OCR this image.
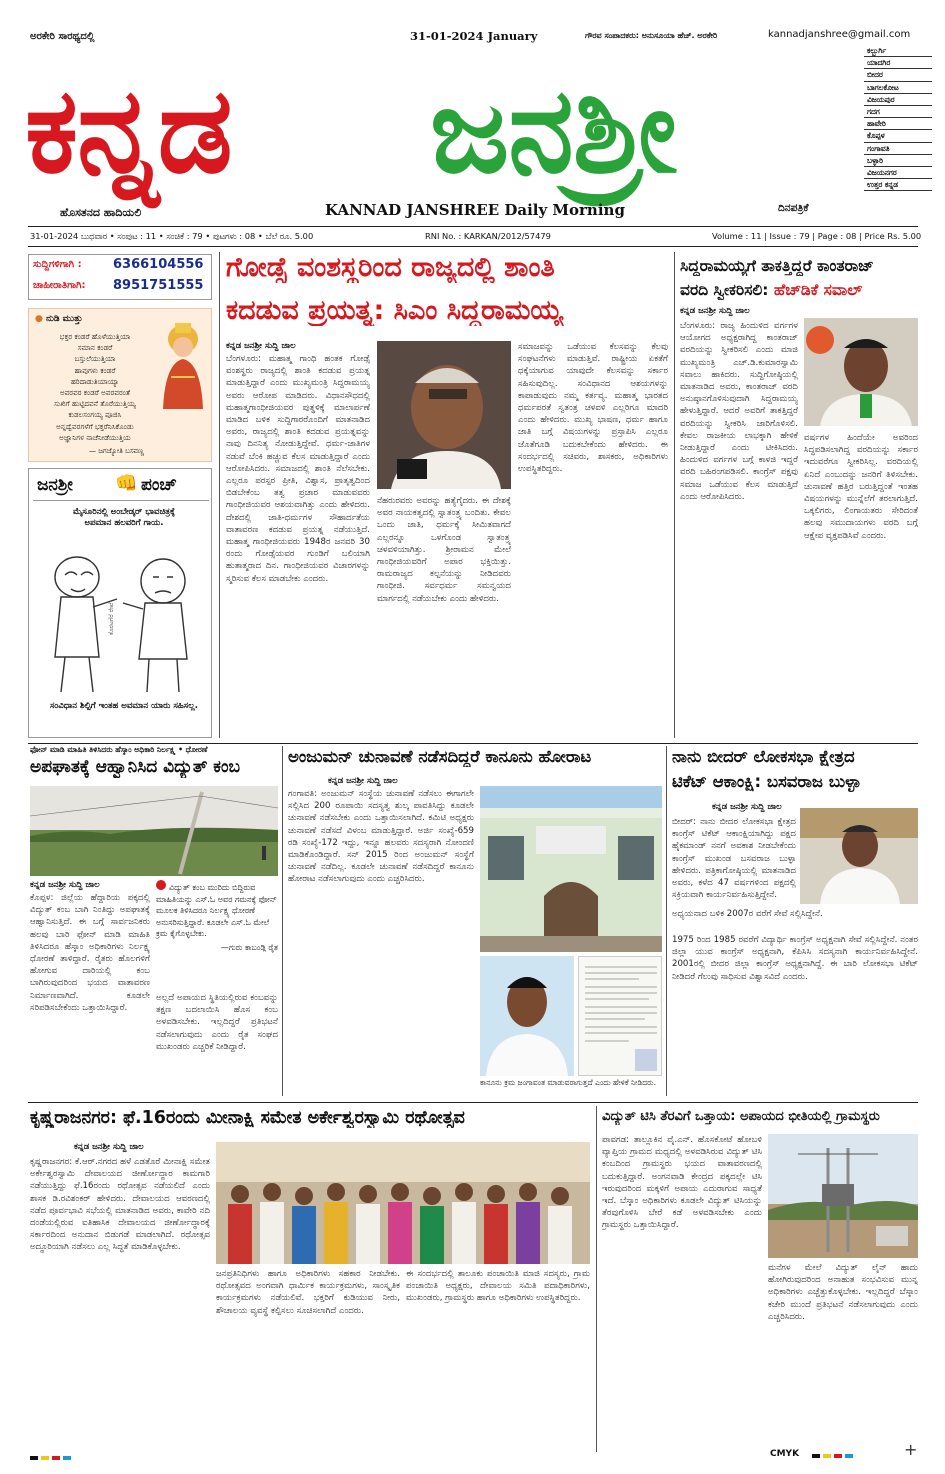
ಅರಕೇರಿ ಸಾರಥ್ಯದಲ್ಲಿ	31-01-2024 January	ಗೌರವ ಸಂಪಾದಕರು: ಅನುಸೂಯಾ ಹೆಚ್. ಅರಕೇರಿ	kannadjanshree@gmail.com
ಕನ್ನಡ ಜನಶ್ರೀ
ಹೊಸತನದ ಹಾದಿಯಲಿ	KANNAD JANSHREE Daily Morning	ದಿನಪತ್ರಿಕೆ
ಕಲ್ಬುರ್ಗಿ
ಯಾದಗಿರ
ಬೀದರ
ಬಾಗಲಕೋಟ
ವಿಜಯಪುರ
ಗದಗ
ಹಾವೇರಿ
ಕೊಪ್ಪಳ
ಗಂಗಾವತಿ
ಬಳ್ಳಾರಿ
ವಿಜಯನಗರ
ಉತ್ತರ ಕನ್ನಡ
31-01-2024 ಬುಧವಾರ • ಸಂಪುಟ : 11 • ಸಂಚಿಕೆ : 79 • ಪುಟಗಳು : 08 • ಬೆಲೆ ರೂ. 5.00	RNI No. : KARKAN/2012/57479	Volume : 11 | Issue : 79 | Page : 08 | Price Rs. 5.00
ಸುದ್ದಿಗಳಿಗಾಗಿ : 6366104556
ಜಾಹೀರಾತಿಗಾಗಿ: 8951751555
● ನುಡಿ ಮುತ್ತು
ಭಕ್ತರ ಕಂಡರೆ ಹೊಳೆಯುತ್ತಿಯಾ
ಸಮಾನ ಕಂಡರೆ
ಬಸ್ತುಲೆಯುತ್ತಿಯಾ
ಹಾವುಗಳು ಕಂಡರೆ
ಹರಿದಾಡುತಿಯಾಯ್ಯಾ
ಅವರವರ ಕಂಡರೆ ಅವರವರಂತೆ
ಸುಖಿಗೆ ಹುಟ್ಟಿದವನೆ ತೊರೆಯುತ್ತಿಯ್ಯ
ಕುಡಲಸಂಗಯ್ಯ ಪೂಜಿಸಿ
ಅನ್ನದ್ವೆವರಗಳೆಗೆ ಭಕ್ತರೆನಿಸಿಕೊಂಡು
ಅಜ್ಞಾನಿಗಳ ನಾಚೆನೀಡೆಯುತ್ತಿಯ
— ಜಗಜ್ಯೋತಿ ಬಸವಣ್ಣ
ಜನಶ್ರೀ 👊 ಪಂಚ್
ಮೈಸೂರಿನಲ್ಲಿ ಅಂಬೇಡ್ಕರ್ ಭಾವಚಿತ್ರಕ್ಕೆ ಅಪಮಾನ ಹಲವರಿಗೆ ಗಾಯ.
ಕೊರಟಗೆರೆ ರೇಖೆ
ಸಂವಿಧಾನ ಶಿಲ್ಪಿಗೆ ಇಂತಹ ಅವಮಾನ ಯಾರು ಸಹಿಸಲ್ಲ.
ಗೋಡ್ಸೆ ವಂಶಸ್ಥರಿಂದ ರಾಜ್ಯದಲ್ಲಿ ಶಾಂತಿ
ಕದಡುವ ಪ್ರಯತ್ನ: ಸಿಎಂ ಸಿದ್ದರಾಮಯ್ಯ
ಕನ್ನಡ ಜನಶ್ರೀ ಸುದ್ದಿ ಜಾಲ
ಬೆಂಗಳೂರು: ಮಹಾತ್ಮ ಗಾಂಧಿ ಹಂತಕ ಗೋಡ್ಸೆ ವಂಶಸ್ಥರು ರಾಜ್ಯದಲ್ಲಿ ಶಾಂತಿ ಕದಡುವ ಪ್ರಯತ್ನ ಮಾಡುತ್ತಿದ್ದಾರೆ ಎಂದು ಮುಖ್ಯಮಂತ್ರಿ ಸಿದ್ದರಾಮಯ್ಯ ಅವರು ಆರೋಪ ಮಾಡಿದರು. ವಿಧಾನಸೌಧದಲ್ಲಿ ಮಹಾತ್ಮಗಾಂಧೀಜಿಯವರ ಪುತ್ಥಳಿಕ್ಕೆ ಮಾಲಾರ್ಪಣೆ ಮಾಡಿದ ಬಳಿಕ ಸುದ್ದಿಗಾರರೊಂದಿಗೆ ಮಾತನಾಡಿದ ಅವರು, ರಾಜ್ಯದಲ್ಲಿ ಶಾಂತಿ ಕದಡುವ ಪ್ರಯತ್ನವನ್ನು ನಾವು ದಿನನಿತ್ಯ ನೋಡುತ್ತಿದ್ದೇವೆ. ಧರ್ಮ-ಜಾತಿಗಳ ನಡುವೆ ಬೆಂಕಿ ಹಚ್ಚುವ ಕೆಲಸ ಮಾಡುತ್ತಿದ್ದಾರೆ ಎಂದು ಆರೋಪಿಸಿದರು. ಸಮಾಜದಲ್ಲಿ ಶಾಂತಿ ನೆಲೆಸಬೇಕು. ಎಲ್ಲರೂ ಪರಸ್ಪರ ಪ್ರೀತಿ, ವಿಶ್ವಾಸ, ಪ್ರಾತೃತ್ವದಿಂದ ಬಿಡಬೇಕೆಂಬ ತತ್ವ ಪ್ರಚಾರ ಮಾಡುವವರು ಗಾಂಧೀಜಿಯವರ ಆಶಯವಾಗಿತ್ತು ಎಂದು ಹೇಳಿದರು. ದೇಶದಲ್ಲಿ ಜಾತಿ-ಧರ್ಮಗಳ ಸೌಹಾರ್ದತೆಯ ವಾತಾವರಣ ಕದಡುವ ಪ್ರಯತ್ನ ನಡೆಯುತ್ತಿದೆ. ಮಹಾತ್ಮ ಗಾಂಧೀಜಿಯವರು 1948ರ ಜನವರಿ 30 ರಂದು ಗೋಡ್ಸೆಯವರ ಗುಂಡಿಗೆ ಬಲಿಯಾಗಿ ಹುತಾತ್ಮರಾದ ದಿನ. ಗಾಂಧೀಜಿಯವರ ವಿಚಾರಗಳನ್ನು ಸ್ಮರಿಸುವ ಕೆಲಸ ಮಾಡಬೇಕು ಎಂದರು.
ನೆಹರುರವರು ಅವರನ್ನು ಹತ್ಯೆಗೈದರು. ಈ ದೇಶಕ್ಕೆ ಅವರ ನಾಯಕತ್ವದಲ್ಲಿ ಸ್ವಾತಂತ್ರ್ಯ ಬಂದಿತು. ಕೇವಲ ಒಂದು ಜಾತಿ, ಧರ್ಮಕ್ಕೆ ಸೀಮಿತವಾಗದೆ ಎಲ್ಲರನ್ನೂ ಒಳಗೊಂಡ ಸ್ವಾತಂತ್ರ್ಯ ಚಳವಳಿಯಾಗಿತ್ತು. ಶ್ರೀರಾಮನ ಮೇಲೆ ಗಾಂಧೀಜಿಯವರಿಗೆ ಅಪಾರ ಭಕ್ತಿಯಿತ್ತು. ರಾಮರಾಜ್ಯದ ಕಲ್ಪನೆಯನ್ನು ನೀಡಿದವರು ಗಾಂಧೀಜಿ. ಸರ್ವಧರ್ಮ ಸಮನ್ವಯದ ಮಾರ್ಗದಲ್ಲಿ ನಡೆಯಬೇಕು ಎಂದು ಹೇಳಿದರು.
ಸಮಾಜವನ್ನು ಒಡೆಯುವ ಕೆಲಸವನ್ನು ಕೆಲವು ಸಂಘಟನೆಗಳು ಮಾಡುತ್ತಿವೆ. ರಾಷ್ಟ್ರೀಯ ಏಕತೆಗೆ ಧಕ್ಕೆಯಾಗುವ ಯಾವುದೇ ಕೆಲಸವನ್ನು ಸರ್ಕಾರ ಸಹಿಸುವುದಿಲ್ಲ. ಸಂವಿಧಾನದ ಆಶಯಗಳನ್ನು ಕಾಪಾಡುವುದು ನಮ್ಮ ಕರ್ತವ್ಯ. ಮಹಾತ್ಮ ಭಾರತದ ಧರ್ಮಪರತೆ ಸ್ವತಂತ್ರ ಚಳವಳಿ ಎಲ್ಲರಿಗೂ ಮಾದರಿ ಎಂದು ಹೇಳಿದರು. ಮುಖ್ಯ ಭಾಷಣ, ಧರ್ಮ ಹಾಗೂ ಜಾತಿ ಬಗ್ಗೆ ವಿಷಯಗಳನ್ನು ಪ್ರಸ್ತಾಪಿಸಿ ಎಲ್ಲರೂ ಜೊತೆಗೂಡಿ ಬದುಕಬೇಕೆಂದು ಹೇಳಿದರು. ಈ ಸಂದರ್ಭದಲ್ಲಿ ಸಚಿವರು, ಶಾಸಕರು, ಅಧಿಕಾರಿಗಳು ಉಪಸ್ಥಿತರಿದ್ದರು.
ಸಿದ್ದರಾಮಯ್ಯಗೆ ತಾಕತ್ತಿದ್ದರೆ ಕಾಂತರಾಜ್
ವರದಿ ಸ್ವೀಕರಿಸಲಿ: ಹೆಚ್‌ಡಿಕೆ ಸವಾಲ್
ಕನ್ನಡ ಜನಶ್ರೀ ಸುದ್ದಿ ಜಾಲ
ಬೆಂಗಳೂರು: ರಾಜ್ಯ ಹಿಂದುಳಿದ ವರ್ಗಗಳ ಆಯೋಗದ ಅಧ್ಯಕ್ಷರಾಗಿದ್ದ ಕಾಂತರಾಜ್ ವರದಿಯನ್ನು ಸ್ವೀಕರಿಸಲಿ ಎಂದು ಮಾಜಿ ಮುಖ್ಯಮಂತ್ರಿ ಎಚ್.ಡಿ.ಕುಮಾರಸ್ವಾಮಿ ಸವಾಲು ಹಾಕಿದರು. ಸುದ್ದಿಗೋಷ್ಠಿಯಲ್ಲಿ ಮಾತನಾಡಿದ ಅವರು, ಕಾಂತರಾಜ್ ವರದಿ ಅನುಷ್ಠಾನಗೊಳಿಸುವುದಾಗಿ ಸಿದ್ದರಾಮಯ್ಯ ಹೇಳುತ್ತಿದ್ದಾರೆ. ಆದರೆ ಅವರಿಗೆ ತಾಕತ್ತಿದ್ದರೆ ವರದಿಯನ್ನು ಸ್ವೀಕರಿಸಿ ಜಾರಿಗೊಳಿಸಲಿ. ಕೇವಲ ರಾಜಕೀಯ ಲಾಭಕ್ಕಾಗಿ ಹೇಳಿಕೆ ನೀಡುತ್ತಿದ್ದಾರೆ ಎಂದು ಟೀಕಿಸಿದರು. ಹಿಂದುಳಿದ ವರ್ಗಗಳ ಬಗ್ಗೆ ಕಾಳಜಿ ಇದ್ದರೆ ವರದಿ ಬಹಿರಂಗಪಡಿಸಲಿ. ಕಾಂಗ್ರೆಸ್ ಪಕ್ಷವು ಸಮಾಜ ಒಡೆಯುವ ಕೆಲಸ ಮಾಡುತ್ತಿದೆ ಎಂದು ಆರೋಪಿಸಿದರು.
ವರ್ಷಗಳ ಹಿಂದೆಯೇ ಅವರಿಂದ ಸಿದ್ಧಪಡಿಸಲಾಗಿದ್ದ ವರದಿಯನ್ನು ಸರ್ಕಾರ ಇದುವರೆಗೂ ಸ್ವೀಕರಿಸಿಲ್ಲ. ವರದಿಯಲ್ಲಿ ಏನಿದೆ ಎಂಬುದನ್ನು ಜನರಿಗೆ ತಿಳಿಸಬೇಕು. ಚುನಾವಣೆ ಹತ್ತಿರ ಬರುತ್ತಿದ್ದಂತೆ ಇಂತಹ ವಿಷಯಗಳನ್ನು ಮುನ್ನೆಲೆಗೆ ತರಲಾಗುತ್ತಿದೆ. ಒಕ್ಕಲಿಗರು, ಲಿಂಗಾಯತರು ಸೇರಿದಂತೆ ಹಲವು ಸಮುದಾಯಗಳು ವರದಿ ಬಗ್ಗೆ ಆಕ್ಷೇಪ ವ್ಯಕ್ತಪಡಿಸಿವೆ ಎಂದರು.
ಫೋನ್ ಮಾಡಿ ಮಾಹಿತಿ ತಿಳಿಸಿದರು ಹೆಸ್ಕಾಂ ಅಧಿಕಾರಿ ನಿರ್ಲಕ್ಷ್ಯ • ಧೋರಣೆ
ಅಪಘಾತಕ್ಕೆ ಆಹ್ವಾನಿಸಿದ ವಿದ್ಯುತ್ ಕಂಬ
ಕನ್ನಡ ಜನಶ್ರೀ ಸುದ್ದಿ ಜಾಲ
ಕೊಪ್ಪಳ: ಜಿಲ್ಲೆಯ ಹೆದ್ದಾರಿಯ ಪಕ್ಕದಲ್ಲಿ ವಿದ್ಯುತ್ ಕಂಬ ಬಾಗಿ ನಿಂತಿದ್ದು ಅಪಘಾತಕ್ಕೆ ಆಹ್ವಾನಿಸುತ್ತಿದೆ. ಈ ಬಗ್ಗೆ ಸಾರ್ವಜನಿಕರು ಹಲವು ಬಾರಿ ಫೋನ್ ಮಾಡಿ ಮಾಹಿತಿ ತಿಳಿಸಿದರೂ ಹೆಸ್ಕಾಂ ಅಧಿಕಾರಿಗಳು ನಿರ್ಲಕ್ಷ್ಯ ಧೋರಣೆ ತಾಳಿದ್ದಾರೆ. ರೈತರು ಹೊಲಗಳಿಗೆ ಹೋಗುವ ದಾರಿಯಲ್ಲಿ ಕಂಬ ಬಾಗಿರುವುದರಿಂದ ಭಯದ ವಾತಾವರಣ ನಿರ್ಮಾಣವಾಗಿದೆ. ಕೂಡಲೇ ಸರಿಪಡಿಸಬೇಕೆಂದು ಒತ್ತಾಯಿಸಿದ್ದಾರೆ.
ವಿದ್ಯುತ್ ಕಂಬ ಮುರಿದು ಬಿದ್ದಿರುವ ಮಾಹಿತಿಯನ್ನು ಎಸ್.ಓ ಅವರ ಗಮನಕ್ಕೆ ಫೋನ್ ಮೂಲಕ ತಿಳಿಸಿದರೂ ನಿರ್ಲಕ್ಷ್ಯ ಧೋರಣೆ ಅನುಸರಿಸುತ್ತಿದ್ದಾರೆ. ಕೂಡಲೇ ಎಸ್.ಓ ಮೇಲೆ ಕ್ರಮ ಕೈಗೊಳ್ಳಬೇಕು.
—ಗುರು ಕಾಬಂಡ್ಗಿ ರೈತ
ಅಲ್ಲದೆ ಅಪಾಯದ ಸ್ಥಿತಿಯಲ್ಲಿರುವ ಕಂಬವನ್ನು ತಕ್ಷಣ ಬದಲಾಯಿಸಿ ಹೊಸ ಕಂಬ ಅಳವಡಿಸಬೇಕು. ಇಲ್ಲದಿದ್ದರೆ ಪ್ರತಿಭಟನೆ ನಡೆಸಲಾಗುವುದು ಎಂದು ರೈತ ಸಂಘದ ಮುಖಂಡರು ಎಚ್ಚರಿಕೆ ನೀಡಿದ್ದಾರೆ.
ಅಂಜುಮನ್ ಚುನಾವಣೆ ನಡೆಸದಿದ್ದರೆ ಕಾನೂನು ಹೋರಾಟ
ಕನ್ನಡ ಜನಶ್ರೀ ಸುದ್ದಿ ಜಾಲ
ಗಂಗಾವತಿ: ಅಂಜುಮನ್ ಸಂಸ್ಥೆಯ ಚುನಾವಣೆ ನಡೆಸಲು ಈಗಾಗಲೇ ಸಲ್ಲಿಸಿದ 200 ರೂಪಾಯಿ ಸದಸ್ಯತ್ವ ಶುಲ್ಕ ಪಾವತಿಸಿದ್ದು ಕೂಡಲೇ ಚುನಾವಣೆ ನಡೆಸಬೇಕು ಎಂದು ಒತ್ತಾಯಿಸಲಾಗಿದೆ. ಕಮಿಟಿ ಅಧ್ಯಕ್ಷರು ಚುನಾವಣೆ ನಡೆಸದೆ ವಿಳಂಬ ಮಾಡುತ್ತಿದ್ದಾರೆ. ಅರ್ಜಿ ಸಂಖ್ಯೆ-659 ರಡಿ ಸಂಖ್ಯೆ-172 ಇದ್ದು, ಇನ್ನೂ ಹಲವರು ಸದಸ್ಯರಾಗಿ ನೋಂದಣಿ ಮಾಡಿಕೊಂಡಿದ್ದಾರೆ. ಸನ್ 2015 ರಿಂದ ಅಂಜುಮನ್ ಸಂಸ್ಥೆಗೆ ಚುನಾವಣೆ ನಡೆದಿಲ್ಲ. ಕೂಡಲೇ ಚುನಾವಣೆ ನಡೆಸದಿದ್ದರೆ ಕಾನೂನು ಹೋರಾಟ ನಡೆಸಲಾಗುವುದು ಎಂದು ಎಚ್ಚರಿಸಿದರು.
ಕಾನೂನು ಕ್ರಮ ಜಂಗಾವಂತ ಮಾಡುವರಾಗುತ್ತದೆ ಎಂದು ಹೇಳಿಕೆ ನೀಡಿದರು.
ನಾನು ಬೀದರ್ ಲೋಕಸಭಾ ಕ್ಷೇತ್ರದ
ಟಿಕೆಟ್ ಆಕಾಂಕ್ಷಿ: ಬಸವರಾಜ ಬುಳ್ಳಾ
ಕನ್ನಡ ಜನಶ್ರೀ ಸುದ್ದಿ ಜಾಲ
ಬೀದರ್: ನಾನು ಬೀದರ ಲೋಕಸಭಾ ಕ್ಷೇತ್ರದ ಕಾಂಗ್ರೆಸ್ ಟಿಕೆಟ್ ಆಕಾಂಕ್ಷಿಯಾಗಿದ್ದು ಪಕ್ಷದ ಹೈಕಮಾಂಡ್ ನನಗೆ ಅವಕಾಶ ನೀಡಬೇಕೆಂದು ಕಾಂಗ್ರೆಸ್ ಮುಖಂಡ ಬಸವರಾಜ ಬುಳ್ಳಾ ಹೇಳಿದರು. ಪತ್ರಿಕಾಗೋಷ್ಠಿಯಲ್ಲಿ ಮಾತನಾಡಿದ ಅವರು, ಕಳೆದ 47 ವರ್ಷಗಳಿಂದ ಪಕ್ಷದಲ್ಲಿ ಸಕ್ರಿಯವಾಗಿ ಕಾರ್ಯನಿರ್ವಹಿಸುತ್ತಿದ್ದೇನೆ.
ಅಧ್ಯಯನಾದ ಬಳಿಕ 2007ರ ವರೆಗೆ ಸೇವೆ ಸಲ್ಲಿಸಿದ್ದೇನೆ.
1975 ರಿಂದ 1985 ರವರೆಗೆ ವಿದ್ಯಾರ್ಥಿ ಕಾಂಗ್ರೆಸ್ ಅಧ್ಯಕ್ಷನಾಗಿ ಸೇವೆ ಸಲ್ಲಿಸಿದ್ದೇನೆ. ನಂತರ ಜಿಲ್ಲಾ ಯುವ ಕಾಂಗ್ರೆಸ್ ಅಧ್ಯಕ್ಷನಾಗಿ, ಕೆಪಿಸಿಸಿ ಸದಸ್ಯನಾಗಿ ಕಾರ್ಯನಿರ್ವಹಿಸಿದ್ದೇನೆ. 2001ರಲ್ಲಿ ಬೀದರ ಜಿಲ್ಲಾ ಕಾಂಗ್ರೆಸ್ ಅಧ್ಯಕ್ಷನಾಗಿದ್ದೆ. ಈ ಬಾರಿ ಲೋಕಸಭಾ ಟಿಕೆಟ್ ನೀಡಿದರೆ ಗೆಲುವು ಸಾಧಿಸುವ ವಿಶ್ವಾಸವಿದೆ ಎಂದರು.
ಕೃಷ್ಣರಾಜನಗರ: ಫೆ.16ರಂದು ಮೀನಾಕ್ಷಿ ಸಮೇತ ಅರ್ಕೇಶ್ವರಸ್ವಾಮಿ ರಥೋತ್ಸವ
ಕನ್ನಡ ಜನಶ್ರೀ ಸುದ್ದಿ ಜಾಲ
ಕೃಷ್ಣರಾಜನಗರ: ಕೆ.ಆರ್.ನಗರದ ಹಳೆ ಎಡತೊರೆ ಮೀನಾಕ್ಷಿ ಸಮೇತ ಅರ್ಕೇಶ್ವರಸ್ವಾಮಿ ದೇವಾಲಯದ ಜೀರ್ಣೋದ್ಧಾರ ಕಾಮಗಾರಿ ನಡೆಯುತ್ತಿದ್ದು ಫೆ.16ರಂದು ರಥೋತ್ಸವ ನಡೆಯಲಿದೆ ಎಂದು ಶಾಸಕ ಡಿ.ರವಿಶಂಕರ್ ಹೇಳಿದರು. ದೇವಾಲಯದ ಆವರಣದಲ್ಲಿ ನಡೆದ ಪೂರ್ವಭಾವಿ ಸಭೆಯಲ್ಲಿ ಮಾತನಾಡಿದ ಅವರು, ಕಾವೇರಿ ನದಿ ದಂಡೆಯಲ್ಲಿರುವ ಐತಿಹಾಸಿಕ ದೇವಾಲಯದ ಜೀರ್ಣೋದ್ಧಾರಕ್ಕೆ ಸರ್ಕಾರದಿಂದ ಅನುದಾನ ಬಿಡುಗಡೆ ಮಾಡಲಾಗಿದೆ. ರಥೋತ್ಸವ ಅದ್ಧೂರಿಯಾಗಿ ನಡೆಸಲು ಎಲ್ಲ ಸಿದ್ಧತೆ ಮಾಡಿಕೊಳ್ಳಬೇಕು.
ಜನಪ್ರತಿನಿಧಿಗಳು ಹಾಗೂ ಅಧಿಕಾರಿಗಳು ಸಹಕಾರ ನೀಡಬೇಕು. ರಥೋತ್ಸವದ ಅಂಗವಾಗಿ ಧಾರ್ಮಿಕ ಕಾರ್ಯಕ್ರಮಗಳು, ಸಾಂಸ್ಕೃತಿಕ ಕಾರ್ಯಕ್ರಮಗಳು ನಡೆಯಲಿವೆ. ಭಕ್ತರಿಗೆ ಕುಡಿಯುವ ನೀರು, ಶೌಚಾಲಯ ವ್ಯವಸ್ಥೆ ಕಲ್ಪಿಸಲು ಸೂಚಿಸಲಾಗಿದೆ ಎಂದರು.
ಈ ಸಂದರ್ಭದಲ್ಲಿ ತಾಲೂಕು ಪಂಚಾಯಿತಿ ಮಾಜಿ ಸದಸ್ಯರು, ಗ್ರಾಮ ಪಂಚಾಯಿತಿ ಅಧ್ಯಕ್ಷರು, ದೇವಾಲಯ ಸಮಿತಿ ಪದಾಧಿಕಾರಿಗಳು, ಮುಖಂಡರು, ಗ್ರಾಮಸ್ಥರು ಹಾಗೂ ಅಧಿಕಾರಿಗಳು ಉಪಸ್ಥಿತರಿದ್ದರು.
ವಿದ್ಯುತ್ ಟಿಸಿ ತೆರವಿಗೆ ಒತ್ತಾಯ: ಅಪಾಯದ ಭೀತಿಯಲ್ಲಿ ಗ್ರಾಮಸ್ಥರು
ಪಾವಗಡ: ತಾಲ್ಲೂಕಿನ ವೈ.ಎನ್. ಹೊಸಕೋಟೆ ಹೋಬಳಿ ವ್ಯಾಪ್ತಿಯ ಗ್ರಾಮದ ಮಧ್ಯದಲ್ಲಿ ಅಳವಡಿಸಿರುವ ವಿದ್ಯುತ್ ಟಿಸಿ ಕಂಬದಿಂದ ಗ್ರಾಮಸ್ಥರು ಭಯದ ವಾತಾವರಣದಲ್ಲಿ ಬದುಕುತ್ತಿದ್ದಾರೆ. ಅಂಗನವಾಡಿ ಕೇಂದ್ರದ ಪಕ್ಕದಲ್ಲೇ ಟಿಸಿ ಇರುವುದರಿಂದ ಮಕ್ಕಳಿಗೆ ಅಪಾಯ ಎದುರಾಗುವ ಸಾಧ್ಯತೆ ಇದೆ. ಬೆಸ್ಕಾಂ ಅಧಿಕಾರಿಗಳು ಕೂಡಲೇ ವಿದ್ಯುತ್ ಟಿಸಿಯನ್ನು ತೆರವುಗೊಳಿಸಿ ಬೇರೆ ಕಡೆ ಅಳವಡಿಸಬೇಕು ಎಂದು ಗ್ರಾಮಸ್ಥರು ಒತ್ತಾಯಿಸಿದ್ದಾರೆ.
ಮನೆಗಳ ಮೇಲೆ ವಿದ್ಯುತ್ ಲೈನ್ ಹಾದು ಹೋಗಿರುವುದರಿಂದ ಅನಾಹುತ ಸಂಭವಿಸುವ ಮುನ್ನ ಅಧಿಕಾರಿಗಳು ಎಚ್ಚೆತ್ತುಕೊಳ್ಳಬೇಕು. ಇಲ್ಲದಿದ್ದರೆ ಬೆಸ್ಕಾಂ ಕಚೇರಿ ಮುಂದೆ ಪ್ರತಿಭಟನೆ ನಡೆಸಲಾಗುವುದು ಎಂದು ಎಚ್ಚರಿಸಿದರು.
CMYK	+
